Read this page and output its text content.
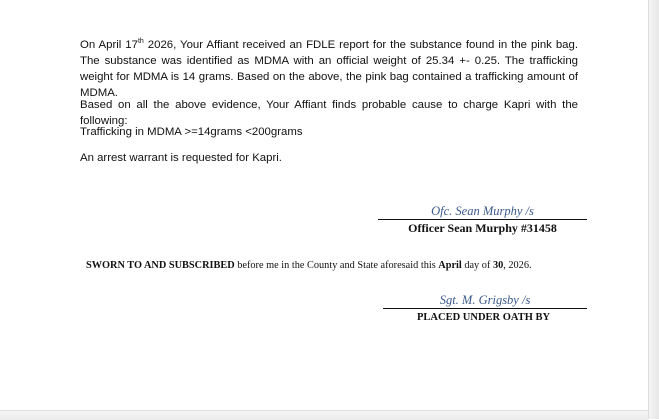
On April 17th 2026, Your Affiant received an FDLE report for the substance found in the pink bag. The substance was identified as MDMA with an official weight of 25.34 +- 0.25. The trafficking weight for MDMA is 14 grams. Based on the above, the pink bag contained a trafficking amount of MDMA.

Based on all the above evidence, Your Affiant finds probable cause to charge Kapri with the following:

Trafficking in MDMA >=14grams <200grams

An arrest warrant is requested for Kapri.

Ofc. Sean Murphy /s
Officer Sean Murphy #31458
SWORN TO AND SUBSCRIBED before me in the County and State aforesaid this April day of 30, 2026.
Sgt. M. Grigsby /s
PLACED UNDER OATH BY
